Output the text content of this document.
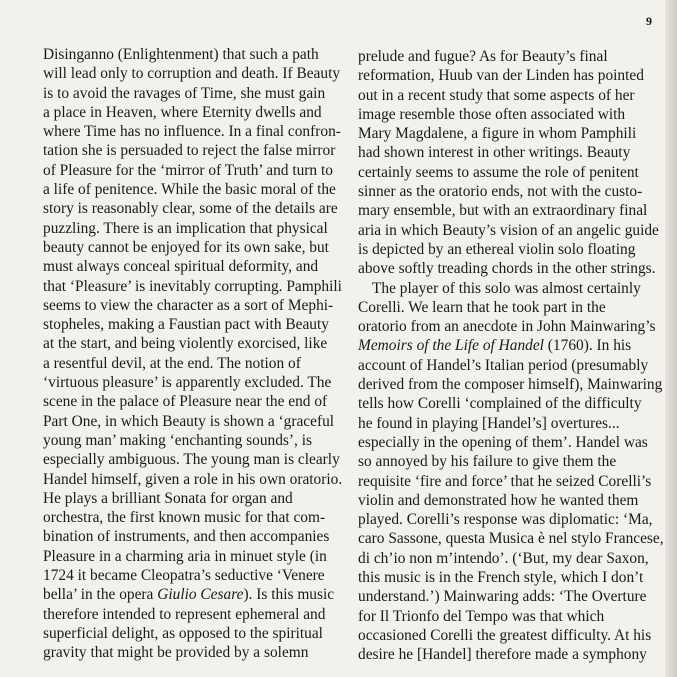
9
Disinganno (Enlightenment) that such a path
will lead only to corruption and death. If Beauty
is to avoid the ravages of Time, she must gain
a place in Heaven, where Eternity dwells and
where Time has no influence. In a final confron-
tation she is persuaded to reject the false mirror
of Pleasure for the ‘mirror of Truth’ and turn to
a life of penitence. While the basic moral of the
story is reasonably clear, some of the details are
puzzling. There is an implication that physical
beauty cannot be enjoyed for its own sake, but
must always conceal spiritual deformity, and
that ‘Pleasure’ is inevitably corrupting. Pamphili
seems to view the character as a sort of Mephi-
stopheles, making a Faustian pact with Beauty
at the start, and being violently exorcised, like
a resentful devil, at the end. The notion of
‘virtuous pleasure’ is apparently excluded. The
scene in the palace of Pleasure near the end of
Part One, in which Beauty is shown a ‘graceful
young man’ making ‘enchanting sounds’, is
especially ambiguous. The young man is clearly
Handel himself, given a role in his own oratorio.
He plays a brilliant Sonata for organ and
orchestra, the first known music for that com-
bination of instruments, and then accompanies
Pleasure in a charming aria in minuet style (in
1724 it became Cleopatra’s seductive ‘Venere
bella’ in the opera Giulio Cesare). Is this music
therefore intended to represent ephemeral and
superficial delight, as opposed to the spiritual
gravity that might be provided by a solemn
prelude and fugue? As for Beauty’s final
reformation, Huub van der Linden has pointed
out in a recent study that some aspects of her
image resemble those often associated with
Mary Magdalene, a figure in whom Pamphili
had shown interest in other writings. Beauty
certainly seems to assume the role of penitent
sinner as the oratorio ends, not with the custo-
mary ensemble, but with an extraordinary final
aria in which Beauty’s vision of an angelic guide
is depicted by an ethereal violin solo floating
above softly treading chords in the other strings.
The player of this solo was almost certainly
Corelli. We learn that he took part in the
oratorio from an anecdote in John Mainwaring’s
Memoirs of the Life of Handel (1760). In his
account of Handel’s Italian period (presumably
derived from the composer himself), Mainwaring
tells how Corelli ‘complained of the difficulty
he found in playing [Handel’s] overtures...
especially in the opening of them’. Handel was
so annoyed by his failure to give them the
requisite ‘fire and force’ that he seized Corelli’s
violin and demonstrated how he wanted them
played. Corelli’s response was diplomatic: ‘Ma,
caro Sassone, questa Musica è nel stylo Francese,
di ch’io non m’intendo’. (‘But, my dear Saxon,
this music is in the French style, which I don’t
understand.’) Mainwaring adds: ‘The Overture
for Il Trionfo del Tempo was that which
occasioned Corelli the greatest difficulty. At his
desire he [Handel] therefore made a symphony
